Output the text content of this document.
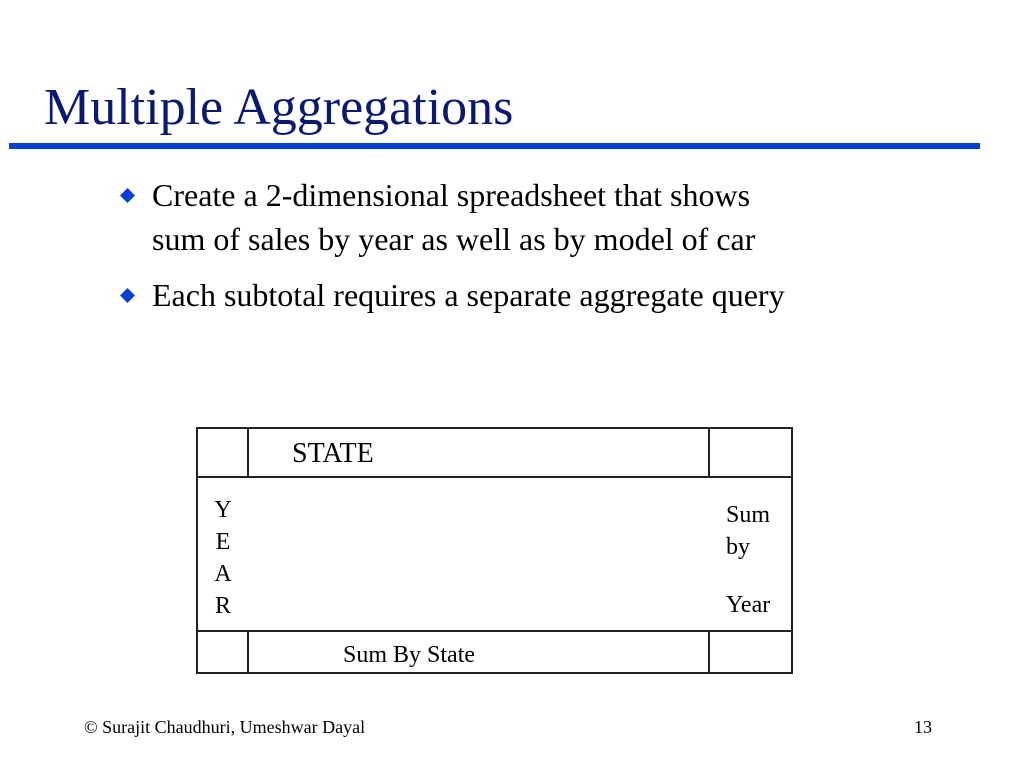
Multiple Aggregations
Create a 2-dimensional spreadsheet that shows
sum of sales by year as well as by model of car
Each subtotal requires a separate aggregate query
STATE
Y
E
A
R
Sum
by
Year
Sum By State
© Surajit Chaudhuri, Umeshwar Dayal	13
